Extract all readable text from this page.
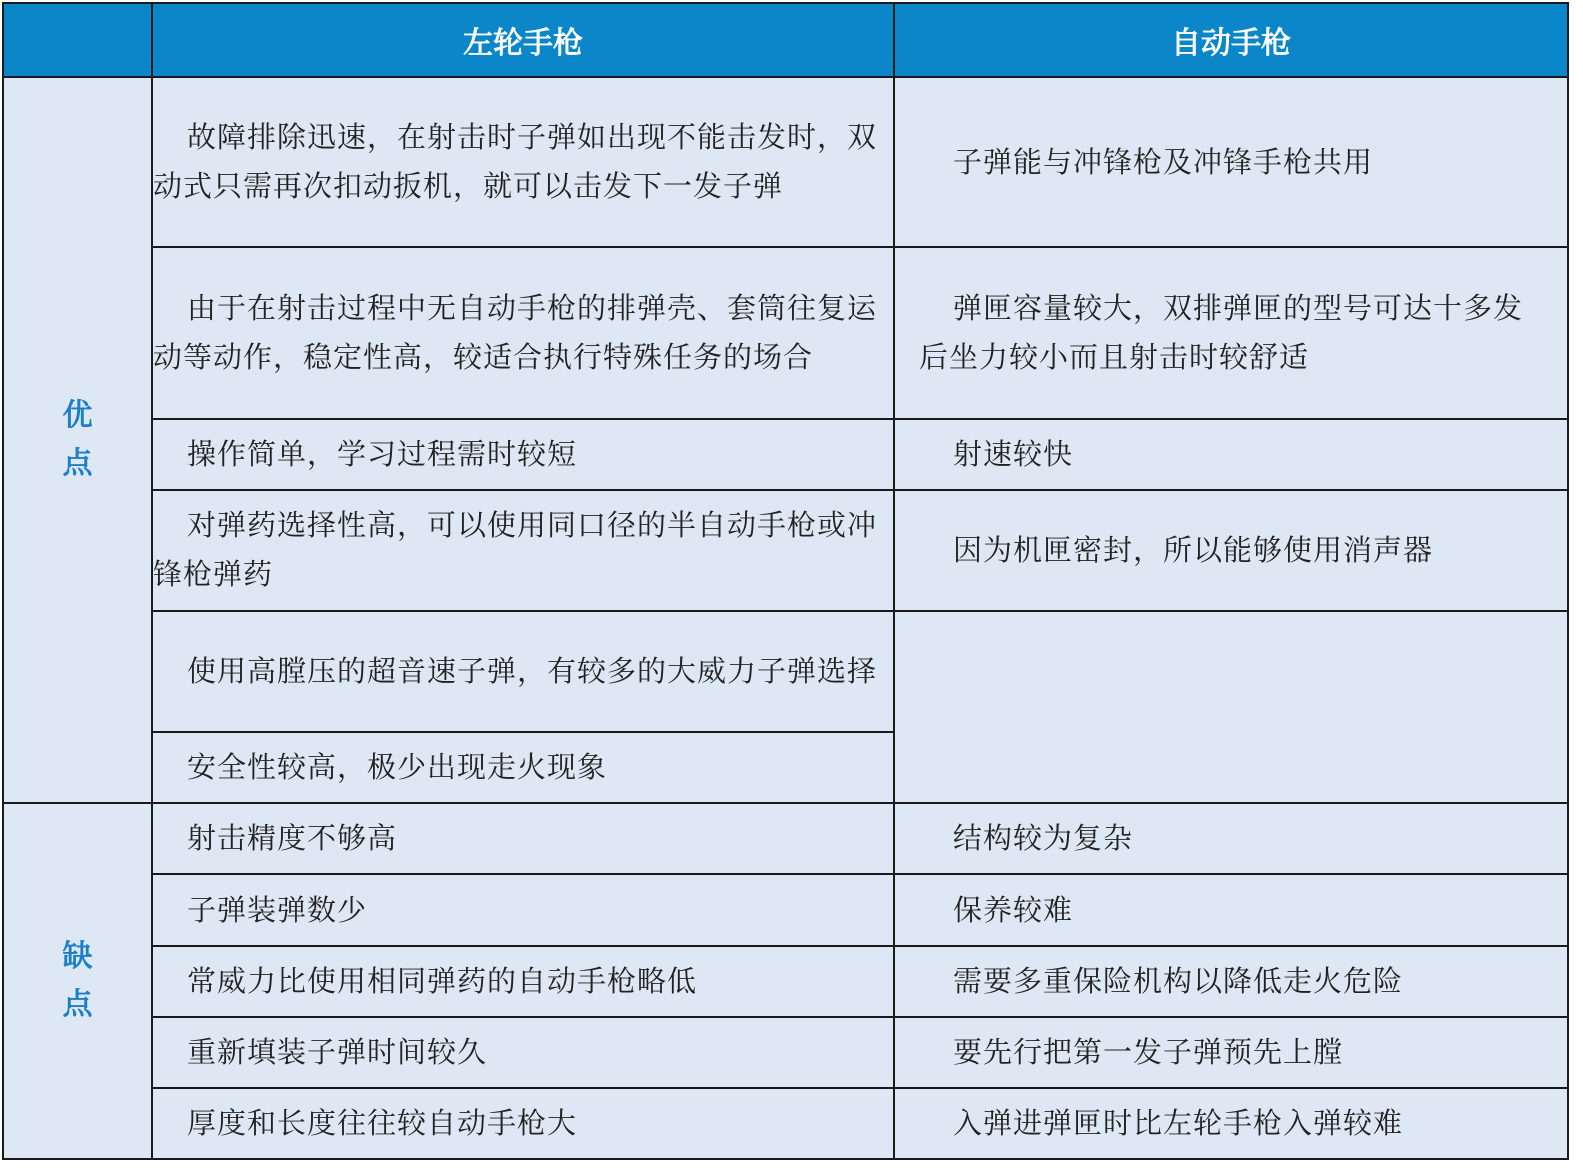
	左轮手枪	自动手枪

优
点	故障排除迅速，在射击时子弹如出现不能击发时，双动式只需再次扣动扳机，就可以击发下一发子弹	子弹能与冲锋枪及冲锋手枪共用
	由于在射击过程中无自动手枪的排弹壳、套筒往复运动等动作，稳定性高，较适合执行特殊任务的场合	弹匣容量较大，双排弹匣的型号可达十多发后坐力较小而且射击时较舒适
	操作简单，学习过程需时较短	射速较快
	对弹药选择性高，可以使用同口径的半自动手枪或冲锋枪弹药	因为机匣密封，所以能够使用消声器
	使用高膛压的超音速子弹，有较多的大威力子弹选择	
	安全性较高，极少出现走火现象	

缺
点	射击精度不够高	结构较为复杂
	子弹装弹数少	保养较难
	常威力比使用相同弹药的自动手枪略低	需要多重保险机构以降低走火危险
	重新填装子弹时间较久	要先行把第一发子弹预先上膛
	厚度和长度往往较自动手枪大	入弹进弹匣时比左轮手枪入弹较难
